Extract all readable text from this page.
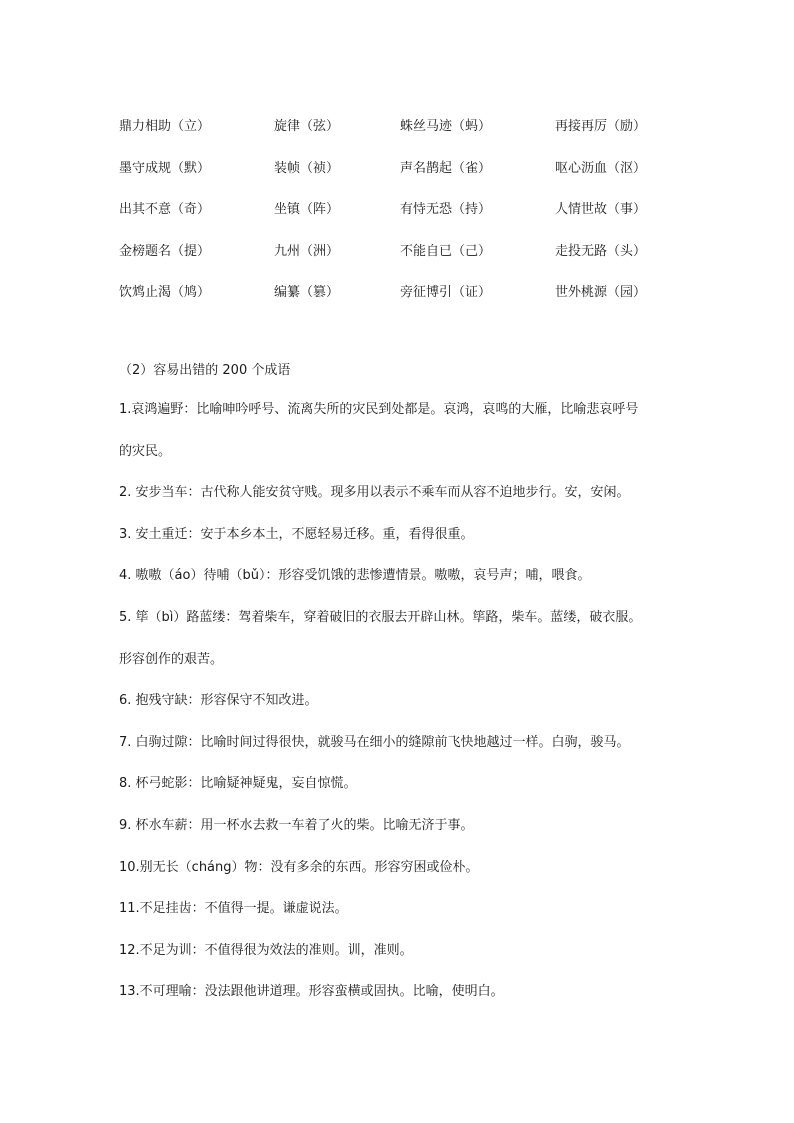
鼎力相助（立）	旋律（弦）	蛛丝马迹（蚂）	再接再厉（励）
墨守成规（默）	装帧（祯）	声名鹊起（雀）	呕心沥血（沤）
出其不意（奇）	坐镇（阵）	有恃无恐（持）	人情世故（事）
金榜题名（提）	九州（洲）	不能自已（己）	走投无路（头）
饮鸩止渴（鸠）	编纂（篡）	旁征博引（证）	世外桃源（园）
（2）容易出错的 200 个成语
1.哀鸿遍野：比喻呻吟呼号、流离失所的灾民到处都是。哀鸿，哀鸣的大雁，比喻悲哀呼号
的灾民。
2. 安步当车：古代称人能安贫守贱。现多用以表示不乘车而从容不迫地步行。安，安闲。
3. 安土重迁：安于本乡本土，不愿轻易迁移。重，看得很重。
4. 嗷嗷（áo）待哺（bǔ）：形容受饥饿的悲惨遭情景。嗷嗷，哀号声；哺，喂食。
5. 筚（bì）路蓝缕：驾着柴车，穿着破旧的衣服去开辟山林。筚路，柴车。蓝缕，破衣服。
形容创作的艰苦。
6. 抱残守缺：形容保守不知改进。
7. 白驹过隙：比喻时间过得很快，就骏马在细小的缝隙前飞快地越过一样。白驹，骏马。
8. 杯弓蛇影：比喻疑神疑鬼，妄自惊慌。
9. 杯水车薪：用一杯水去救一车着了火的柴。比喻无济于事。
10.别无长（cháng）物：没有多余的东西。形容穷困或俭朴。
11.不足挂齿：不值得一提。谦虚说法。
12.不足为训：不值得很为效法的准则。训，准则。
13.不可理喻：没法跟他讲道理。形容蛮横或固执。比喻，使明白。
